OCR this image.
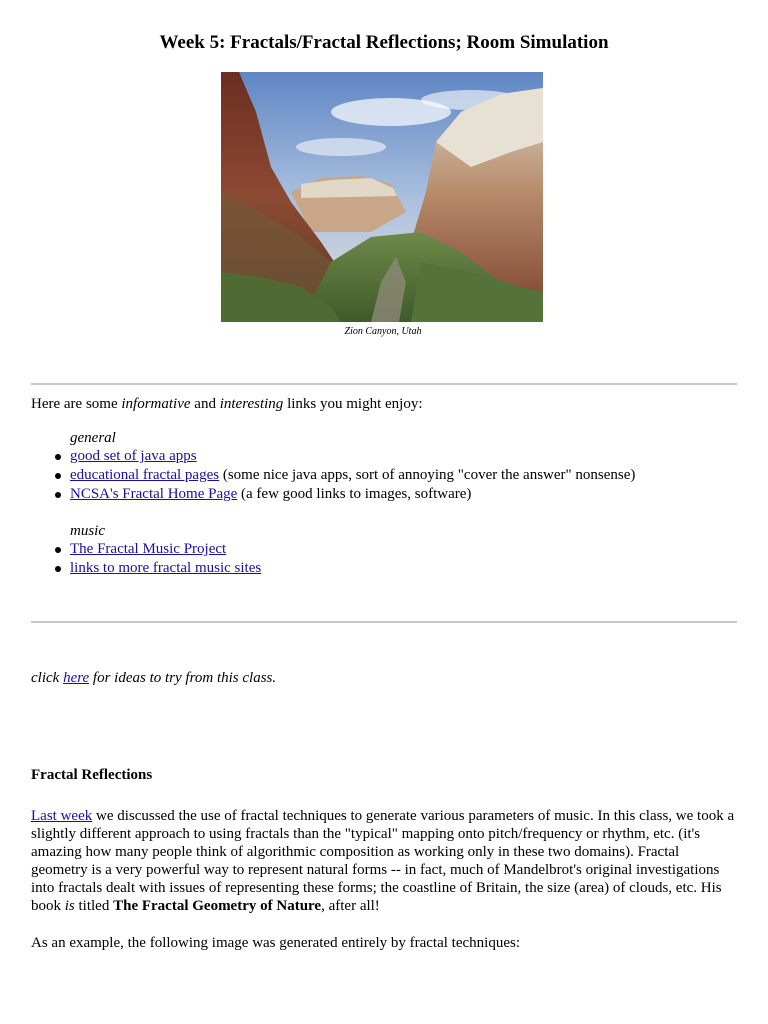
Week 5: Fractals/Fractal Reflections; Room Simulation
Zion Canyon, Utah
Here are some informative and interesting links you might enjoy:
general
good set of java apps
educational fractal pages (some nice java apps, sort of annoying "cover the answer" nonsense)
NCSA's Fractal Home Page (a few good links to images, software)
music
The Fractal Music Project
links to more fractal music sites
click here for ideas to try from this class.
Fractal Reflections

Last week we discussed the use of fractal techniques to generate various parameters of music. In this class, we took a slightly different approach to using fractals than the "typical" mapping onto pitch/frequency or rhythm, etc. (it's amazing how many people think of algorithmic composition as working only in these two domains). Fractal geometry is a very powerful way to represent natural forms -- in fact, much of Mandelbrot's original investigations into fractals dealt with issues of representing these forms; the coastline of Britain, the size (area) of clouds, etc. His book is titled The Fractal Geometry of Nature, after all!

As an example, the following image was generated entirely by fractal techniques:
